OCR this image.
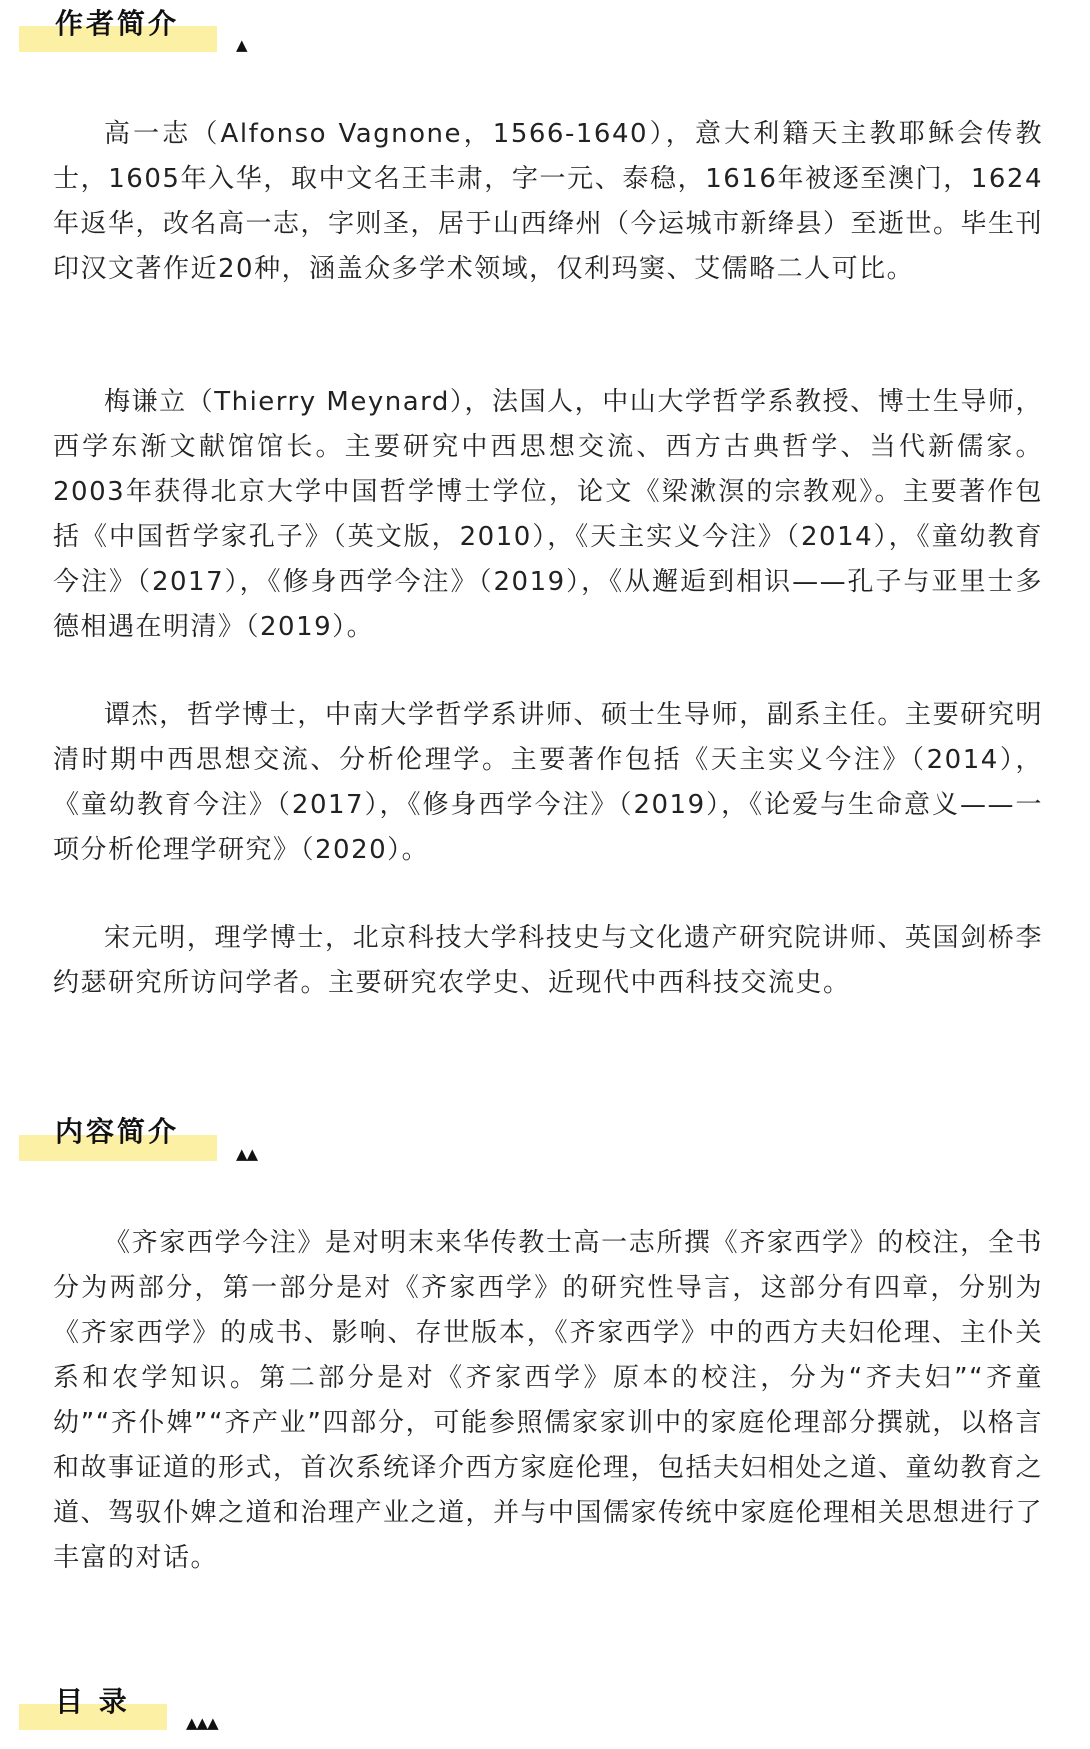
作者简介
▲

高一志（Alfonso Vagnone，1566-1640），意大利籍天主教耶稣会传教士，1605年入华，取中文名王丰肃，字一元、泰稳，1616年被逐至澳门，1624年返华，改名高一志，字则圣，居于山西绛州（今运城市新绛县）至逝世。毕生刊印汉文著作近20种，涵盖众多学术领域，仅利玛窦、艾儒略二人可比。

梅谦立（Thierry Meynard），法国人，中山大学哲学系教授、博士生导师，西学东渐文献馆馆长。主要研究中西思想交流、西方古典哲学、当代新儒家。2003年获得北京大学中国哲学博士学位，论文《梁漱溟的宗教观》。主要著作包括《中国哲学家孔子》（英文版，2010），《天主实义今注》（2014），《童幼教育今注》（2017），《修身西学今注》（2019），《从邂逅到相识——孔子与亚里士多德相遇在明清》（2019）。

谭杰，哲学博士，中南大学哲学系讲师、硕士生导师，副系主任。主要研究明清时期中西思想交流、分析伦理学。主要著作包括《天主实义今注》（2014），《童幼教育今注》（2017），《修身西学今注》（2019），《论爱与生命意义——一项分析伦理学研究》（2020）。

宋元明，理学博士，北京科技大学科技史与文化遗产研究院讲师、英国剑桥李约瑟研究所访问学者。主要研究农学史、近现代中西科技交流史。

内容简介
▲▲

《齐家西学今注》是对明末来华传教士高一志所撰《齐家西学》的校注，全书分为两部分，第一部分是对《齐家西学》的研究性导言，这部分有四章，分别为《齐家西学》的成书、影响、存世版本，《齐家西学》中的西方夫妇伦理、主仆关系和农学知识。第二部分是对《齐家西学》原本的校注，分为“齐夫妇”“齐童幼”“齐仆婢”“齐产业”四部分，可能参照儒家家训中的家庭伦理部分撰就，以格言和故事证道的形式，首次系统译介西方家庭伦理，包括夫妇相处之道、童幼教育之道、驾驭仆婢之道和治理产业之道，并与中国儒家传统中家庭伦理相关思想进行了丰富的对话。

目 录
▲▲▲
